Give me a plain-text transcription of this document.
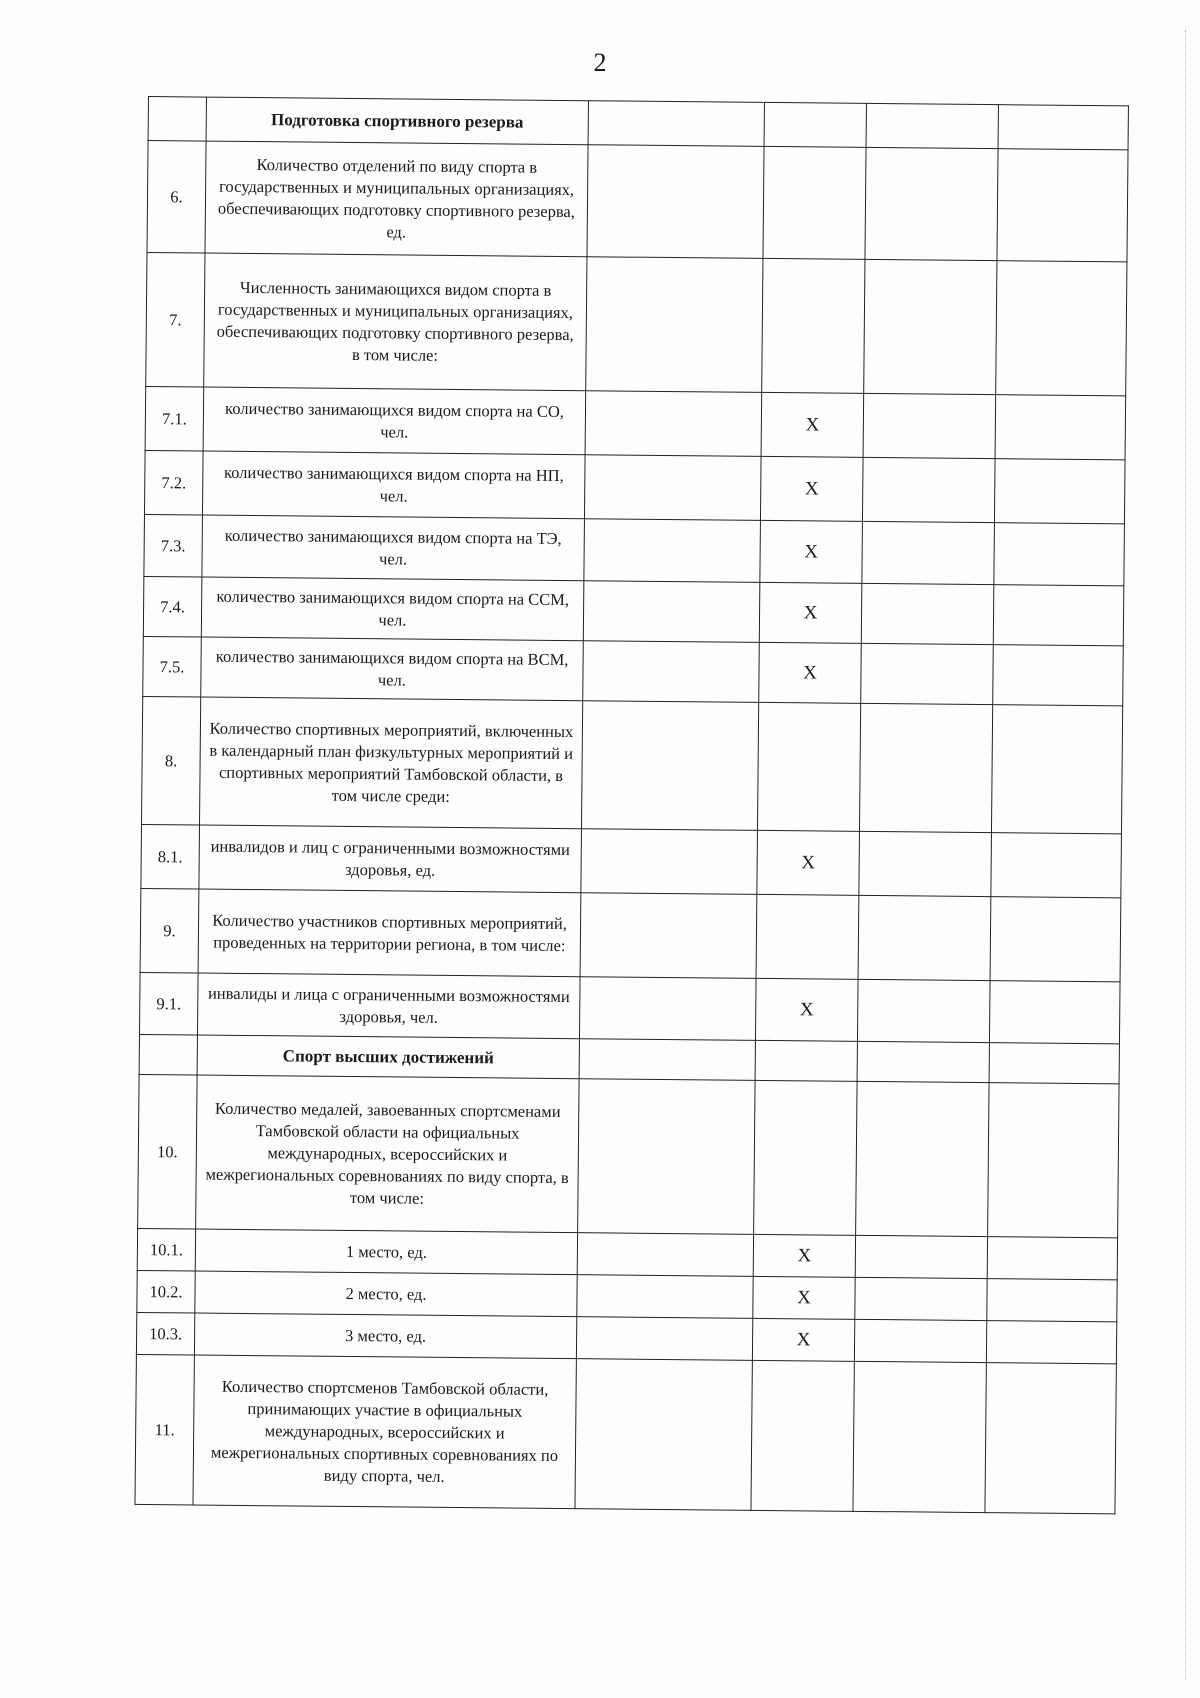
2
	Подготовка спортивного резерва				
6.	Количество отделений по виду спорта в государственных и муниципальных организациях, обеспечивающих подготовку спортивного резерва, ед.				
7.	Численность занимающихся видом спорта в государственных и муниципальных организациях, обеспечивающих подготовку спортивного резерва, в том числе:				
7.1.	количество занимающихся видом спорта на СО, чел.		X		
7.2.	количество занимающихся видом спорта на НП, чел.		X		
7.3.	количество занимающихся видом спорта на ТЭ, чел.		X		
7.4.	количество занимающихся видом спорта на ССМ, чел.		X		
7.5.	количество занимающихся видом спорта на ВСМ, чел.		X		
8.	Количество спортивных мероприятий, включенных в календарный план физкультурных мероприятий и спортивных мероприятий Тамбовской области, в том числе среди:				
8.1.	инвалидов и лиц с ограниченными возможностями здоровья, ед.		X		
9.	Количество участников спортивных мероприятий, проведенных на территории региона, в том числе:				
9.1.	инвалиды и лица с ограниченными возможностями здоровья, чел.		X		
	Спорт высших достижений				
10.	Количество медалей, завоеванных спортсменами Тамбовской области на официальных международных, всероссийских и межрегиональных соревнованиях по виду спорта, в том числе:				
10.1.	1 место, ед.		X		
10.2.	2 место, ед.		X		
10.3.	3 место, ед.		X		
11.	Количество спортсменов Тамбовской области, принимающих участие в официальных международных, всероссийских и межрегиональных спортивных соревнованиях по виду спорта, чел.				
